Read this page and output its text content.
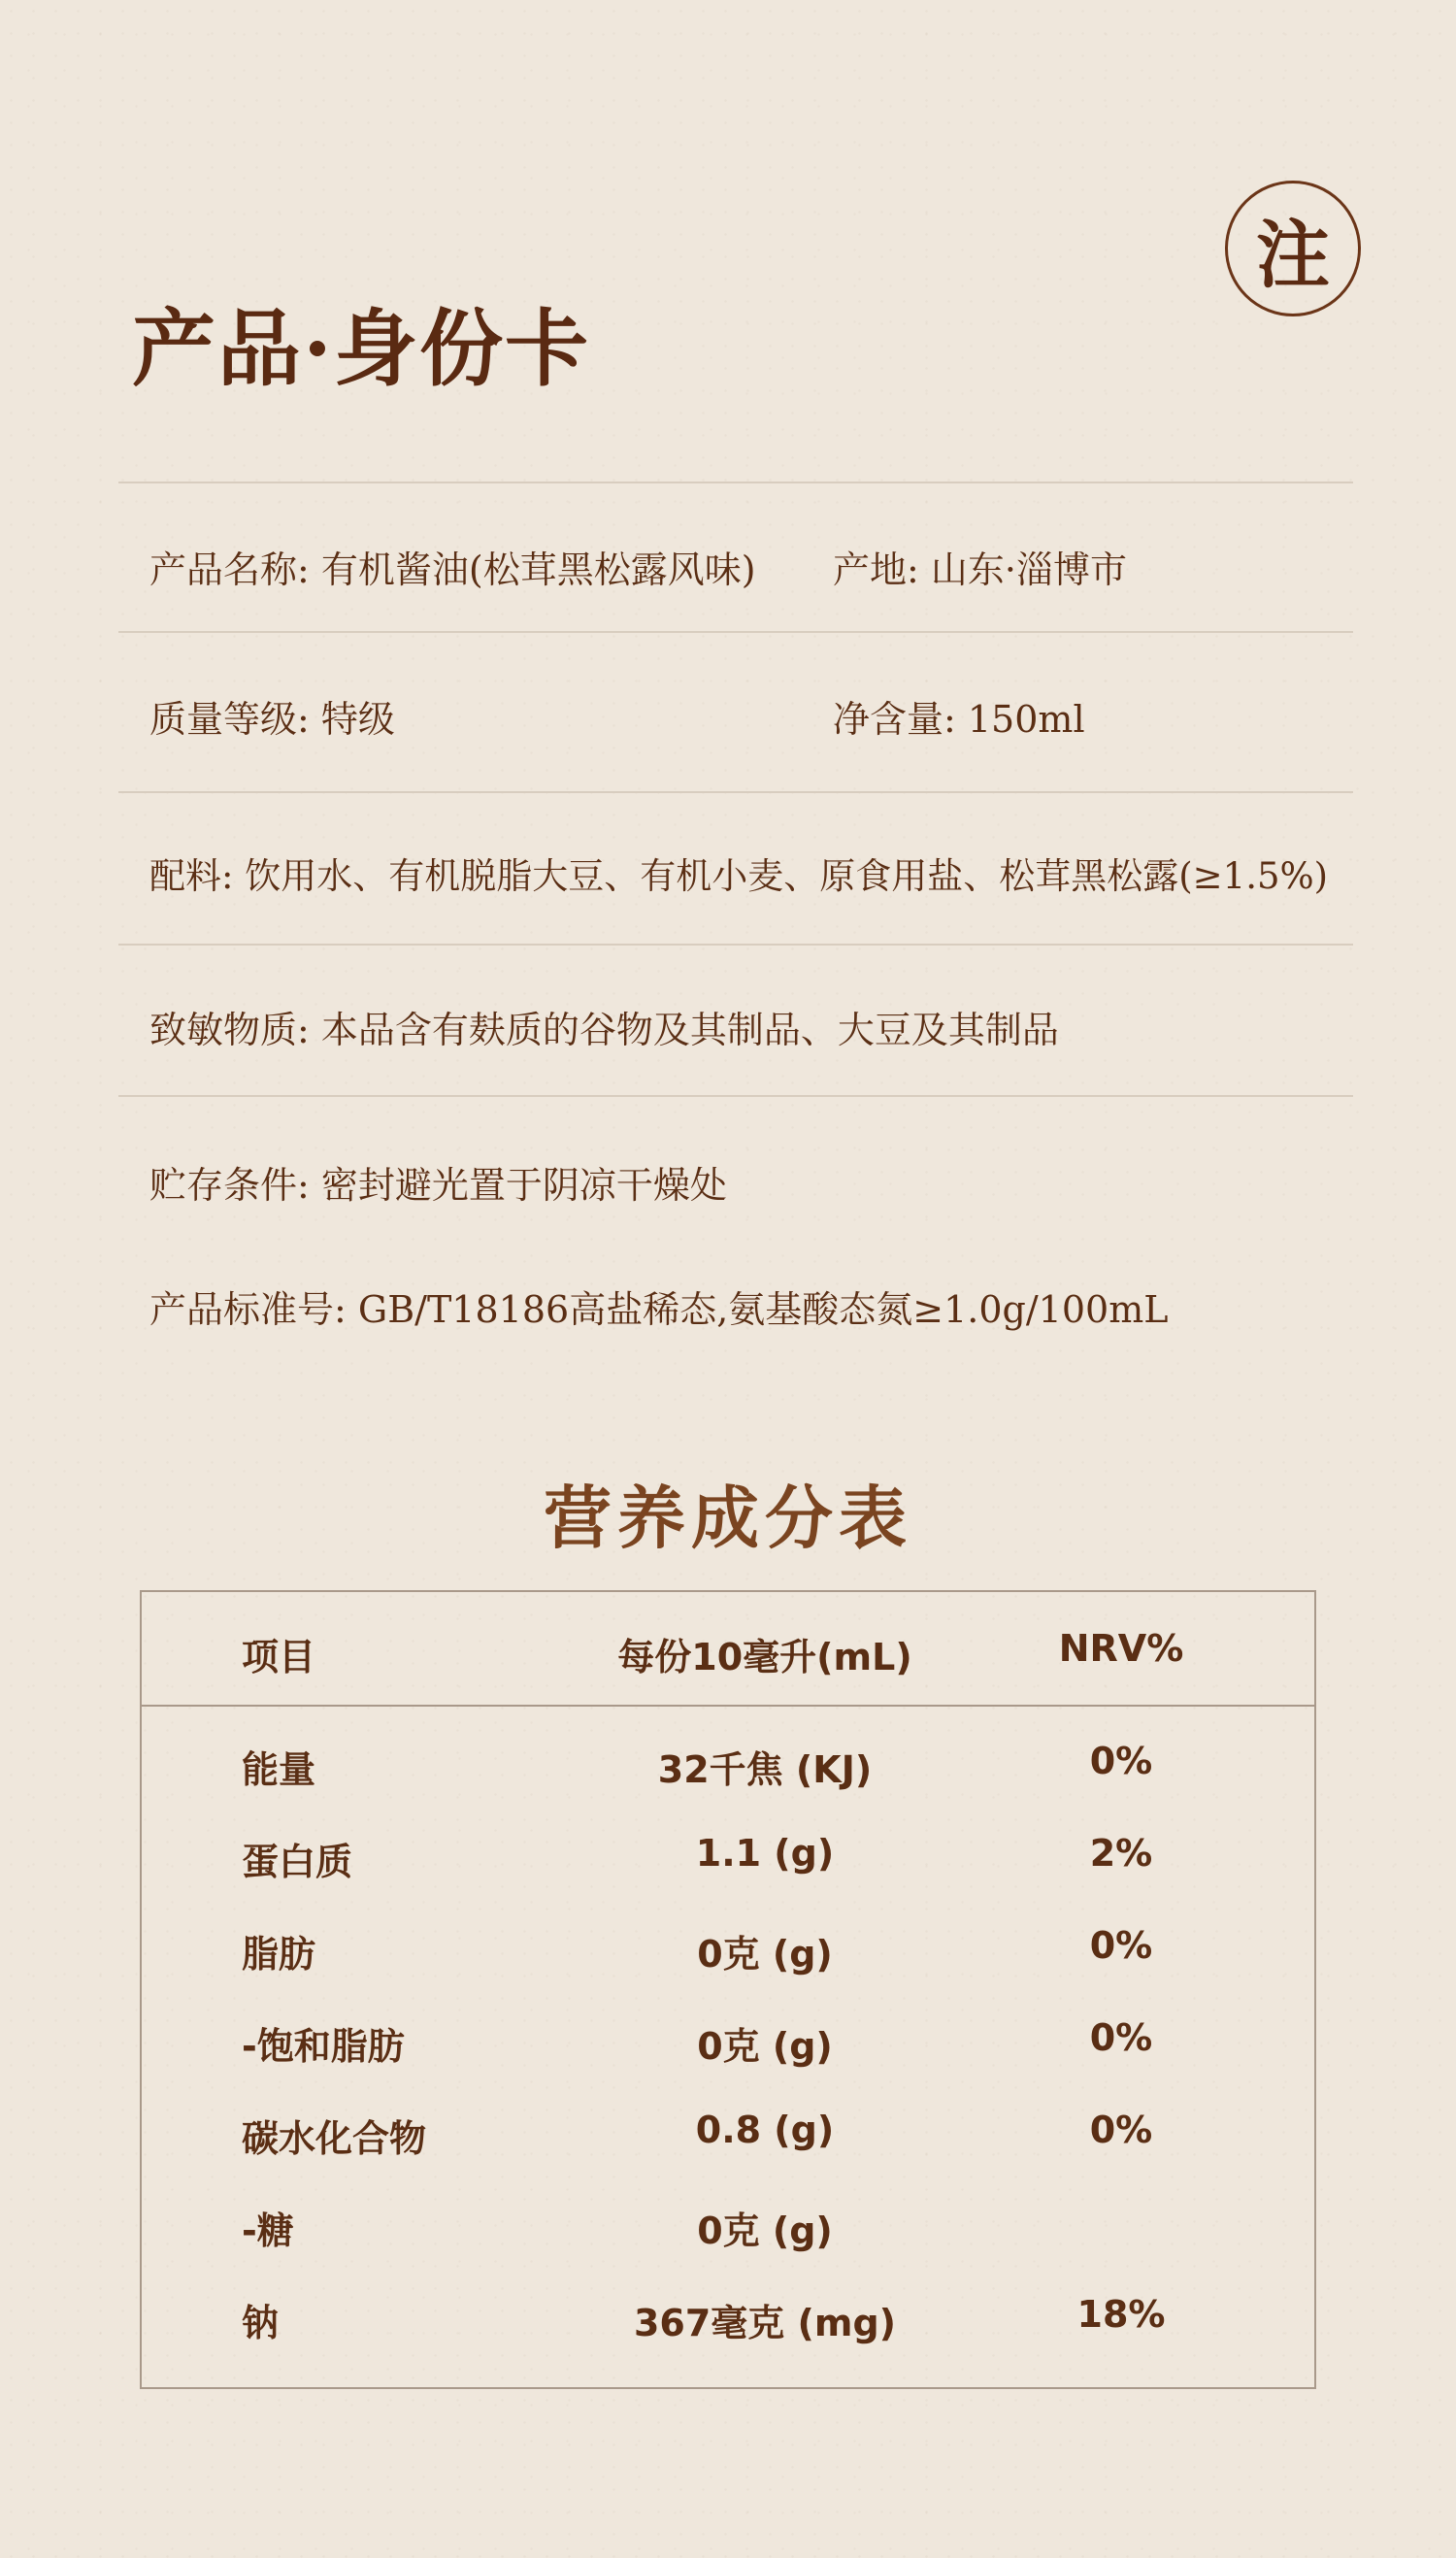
注
产品·身份卡
产品名称: 有机酱油(松茸黑松露风味) 产地: 山东·淄博市
质量等级: 特级	净含量: 150ml
配料: 饮用水、有机脱脂大豆、有机小麦、原食用盐、松茸黑松露(≥1.5%)
致敏物质: 本品含有麸质的谷物及其制品、大豆及其制品
贮存条件: 密封避光置于阴凉干燥处
产品标准号: GB/T18186高盐稀态,氨基酸态氮≥1.0g/100mL
营养成分表
项目	每份10毫升(mL)	NRV%
能量	32千焦 (KJ)	0%
蛋白质	1.1 (g)	2%
脂肪	0克 (g)	0%
-饱和脂肪	0克 (g)	0%
碳水化合物	0.8 (g)	0%
-糖	0克 (g)
钠	367毫克 (mg)	18%
